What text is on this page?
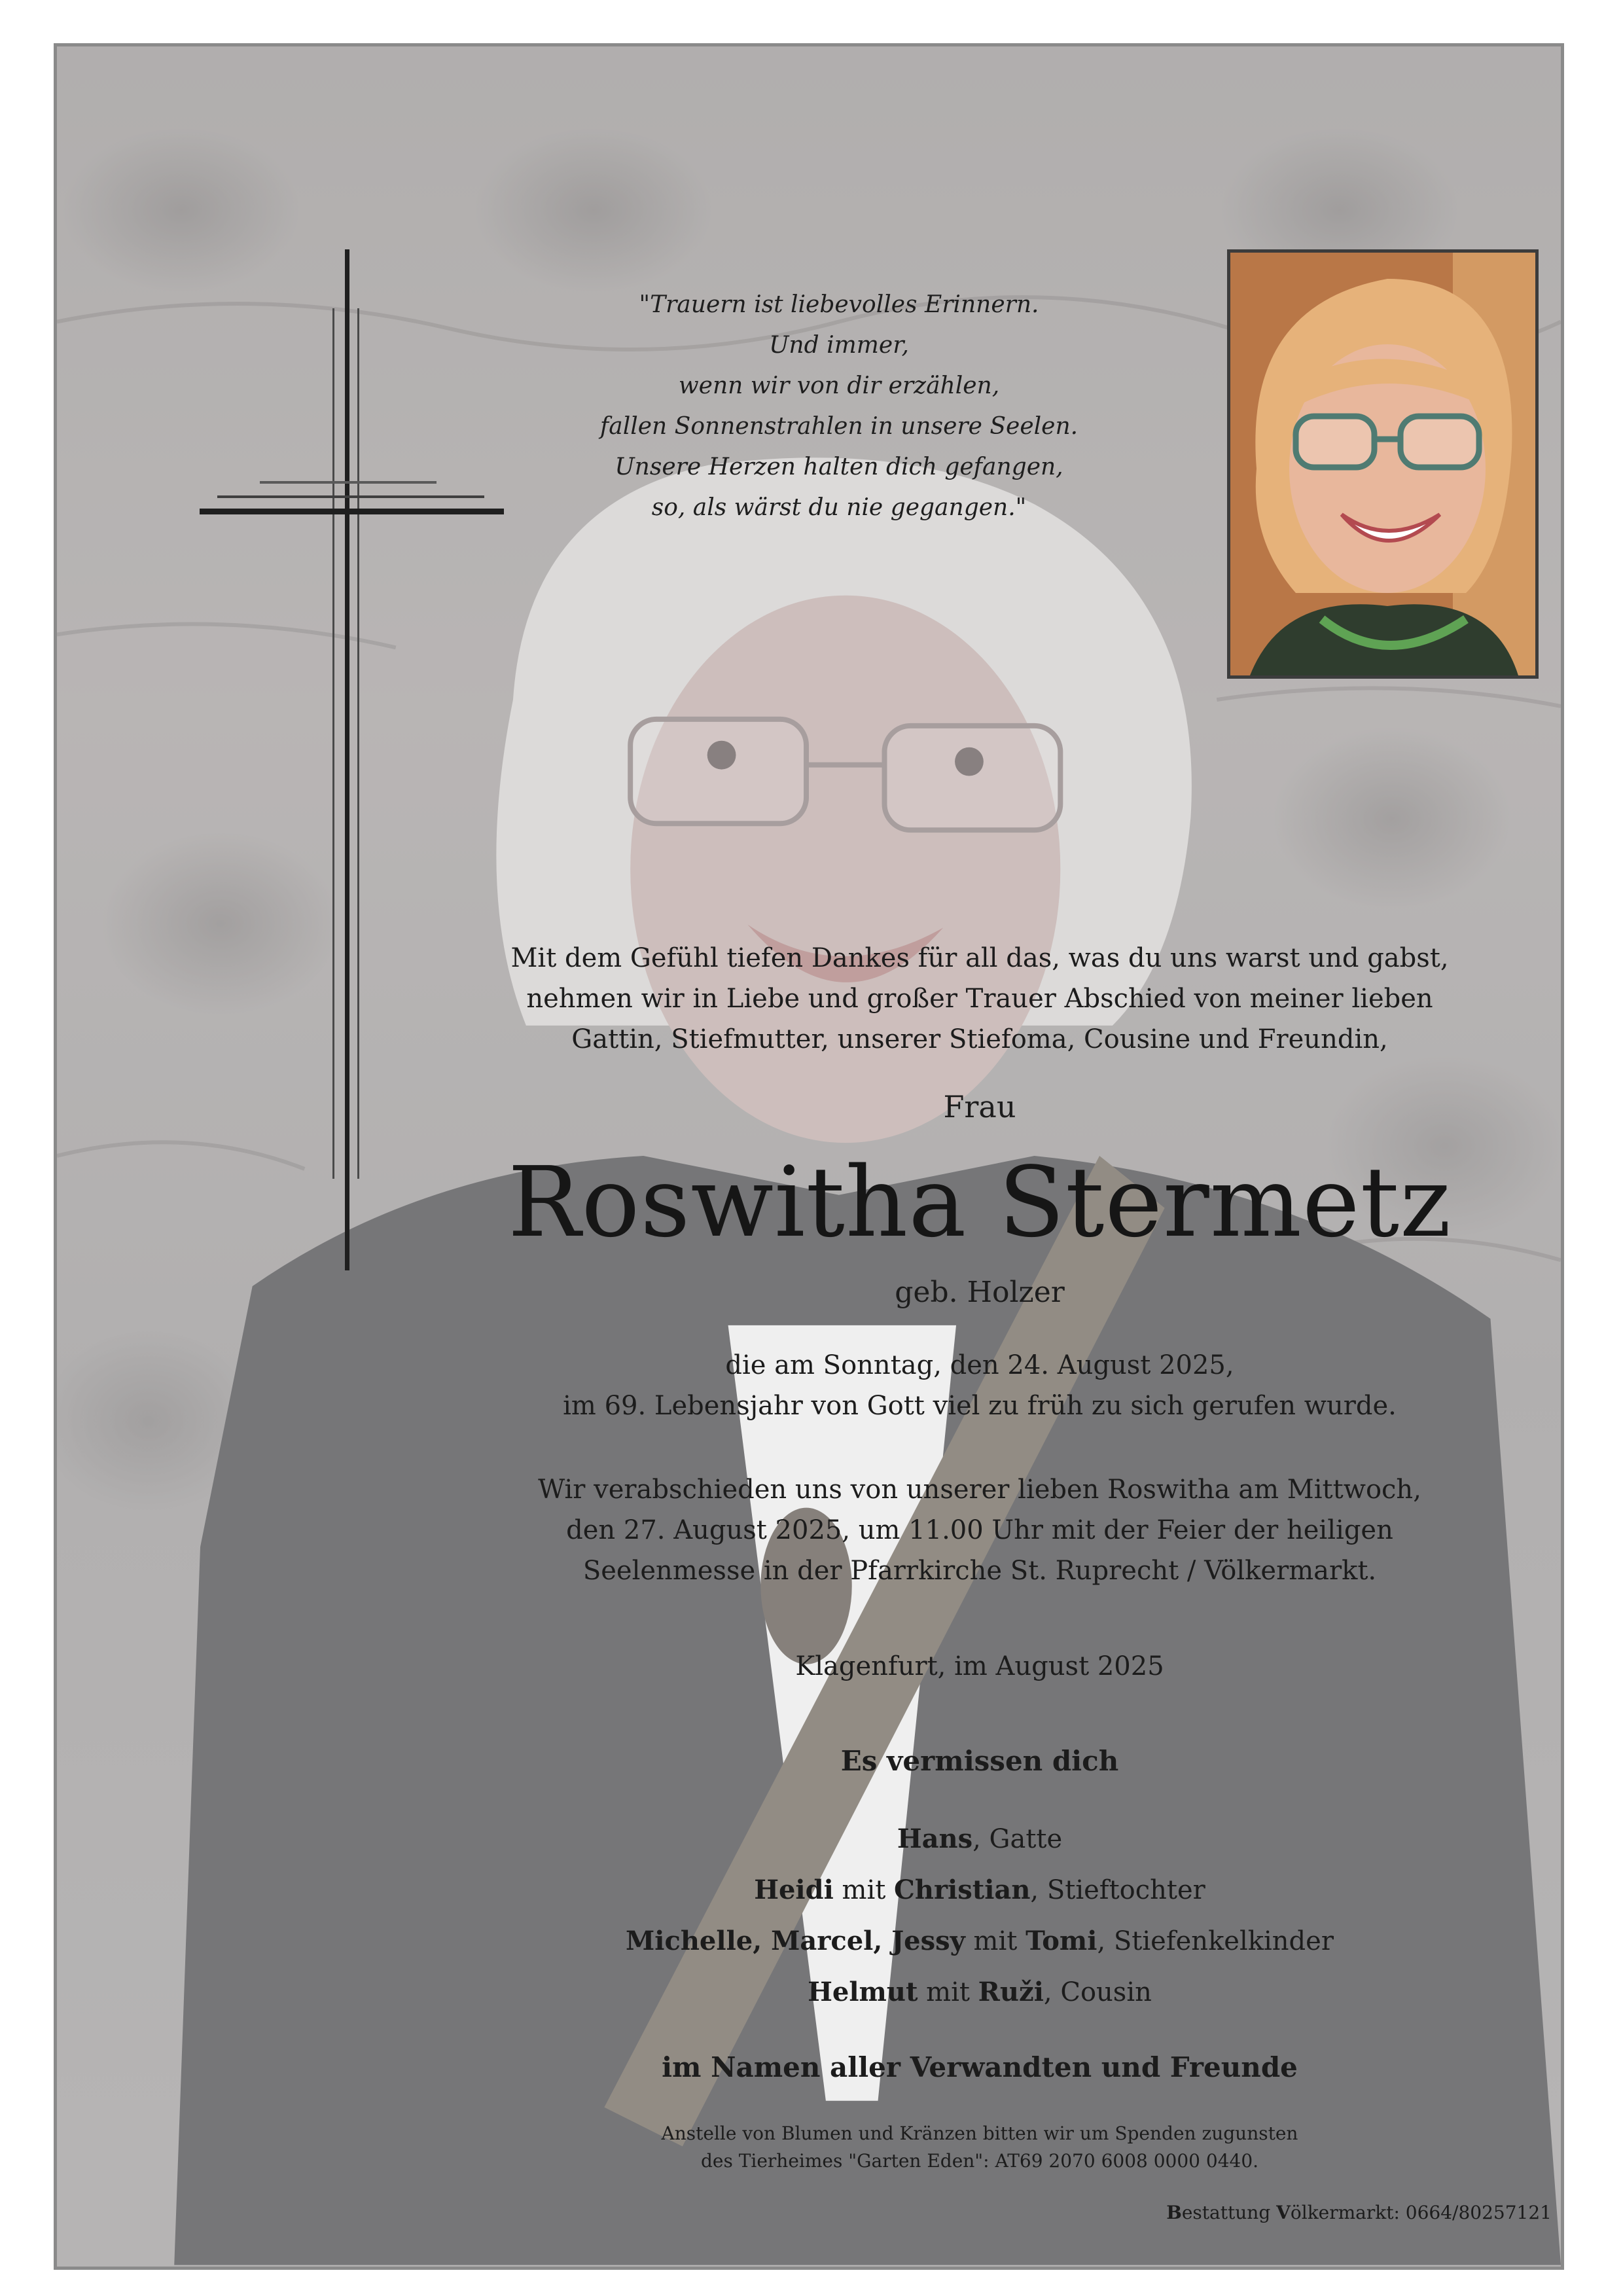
"Trauern ist liebevolles Erinnern.

Und immer,

wenn wir von dir erzählen,

fallen Sonnenstrahlen in unsere Seelen.

Unsere Herzen halten dich gefangen,

so, als wärst du nie gegangen."

Mit dem Gefühl tiefen Dankes für all das, was du uns warst und gabst,

nehmen wir in Liebe und großer Trauer Abschied von meiner lieben

Gattin, Stiefmutter, unserer Stiefoma, Cousine und Freundin,

Frau
Roswitha Stermetz
geb. Holzer

die am Sonntag, den 24. August 2025,

im 69. Lebensjahr von Gott viel zu früh zu sich gerufen wurde.

Wir verabschieden uns von unserer lieben Roswitha am Mittwoch,

den 27. August 2025, um 11.00 Uhr mit der Feier der heiligen

Seelenmesse in der Pfarrkirche St. Ruprecht / Völkermarkt.

Klagenfurt, im August 2025
Es vermissen dich

Hans, Gatte

Heidi mit Christian, Stieftochter

Michelle, Marcel, Jessy mit Tomi, Stiefenkelkinder

Helmut mit Ruži, Cousin

im Namen aller Verwandten und Freunde

Anstelle von Blumen und Kränzen bitten wir um Spenden zugunsten

des Tierheimes "Garten Eden": AT69 2070 6008 0000 0440.

Bestattung Völkermarkt: 0664/80257121
